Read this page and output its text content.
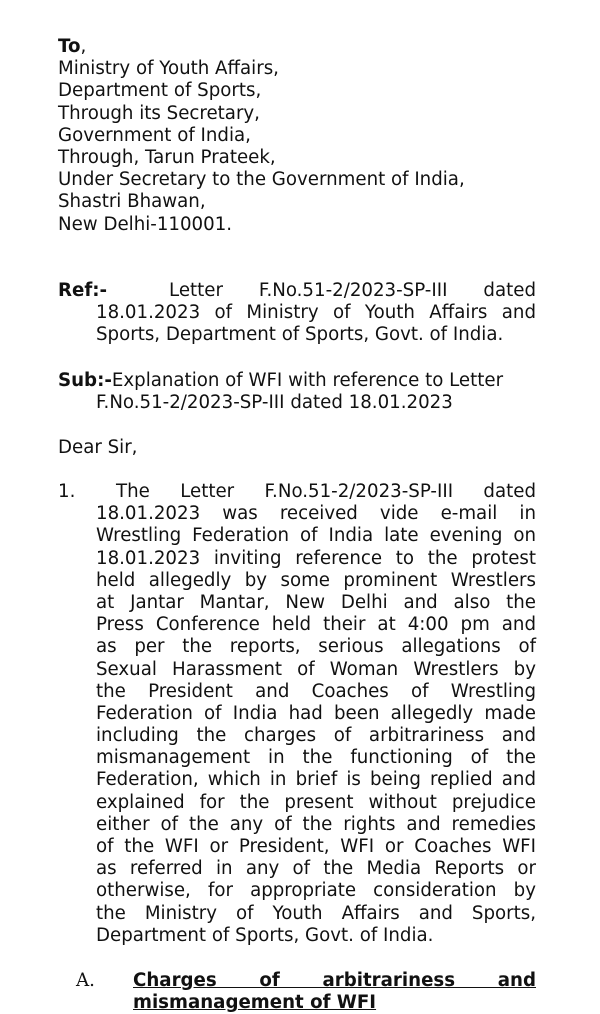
To,
Ministry of Youth Affairs,
Department of Sports,
Through its Secretary,
Government of India,
Through, Tarun Prateek,
Under Secretary to the Government of India,
Shastri Bhawan,
New Delhi-110001.
Ref:-	Letter F.No.51-2/2023-SP-III dated
18.01.2023 of Ministry of Youth Affairs and
Sports, Department of Sports, Govt. of India.
Sub:-Explanation of WFI with reference to Letter
F.No.51-2/2023-SP-III dated 18.01.2023
Dear Sir,
1.	The Letter F.No.51-2/2023-SP-III dated
18.01.2023 was received vide e-mail in
Wrestling Federation of India late evening on
18.01.2023 inviting reference to the protest
held allegedly by some prominent Wrestlers
at Jantar Mantar, New Delhi and also the
Press Conference held their at 4:00 pm and
as per the reports, serious allegations of
Sexual Harassment of Woman Wrestlers by
the President and Coaches of Wrestling
Federation of India had been allegedly made
including the charges of arbitrariness and
mismanagement in the functioning of the
Federation, which in brief is being replied and
explained for the present without prejudice
either of the any of the rights and remedies
of the WFI or President, WFI or Coaches WFI
as referred in any of the Media Reports or
otherwise, for appropriate consideration by
the Ministry of Youth Affairs and Sports,
Department of Sports, Govt. of India.
A. Charges of arbitrariness and
mismanagement of WFI
